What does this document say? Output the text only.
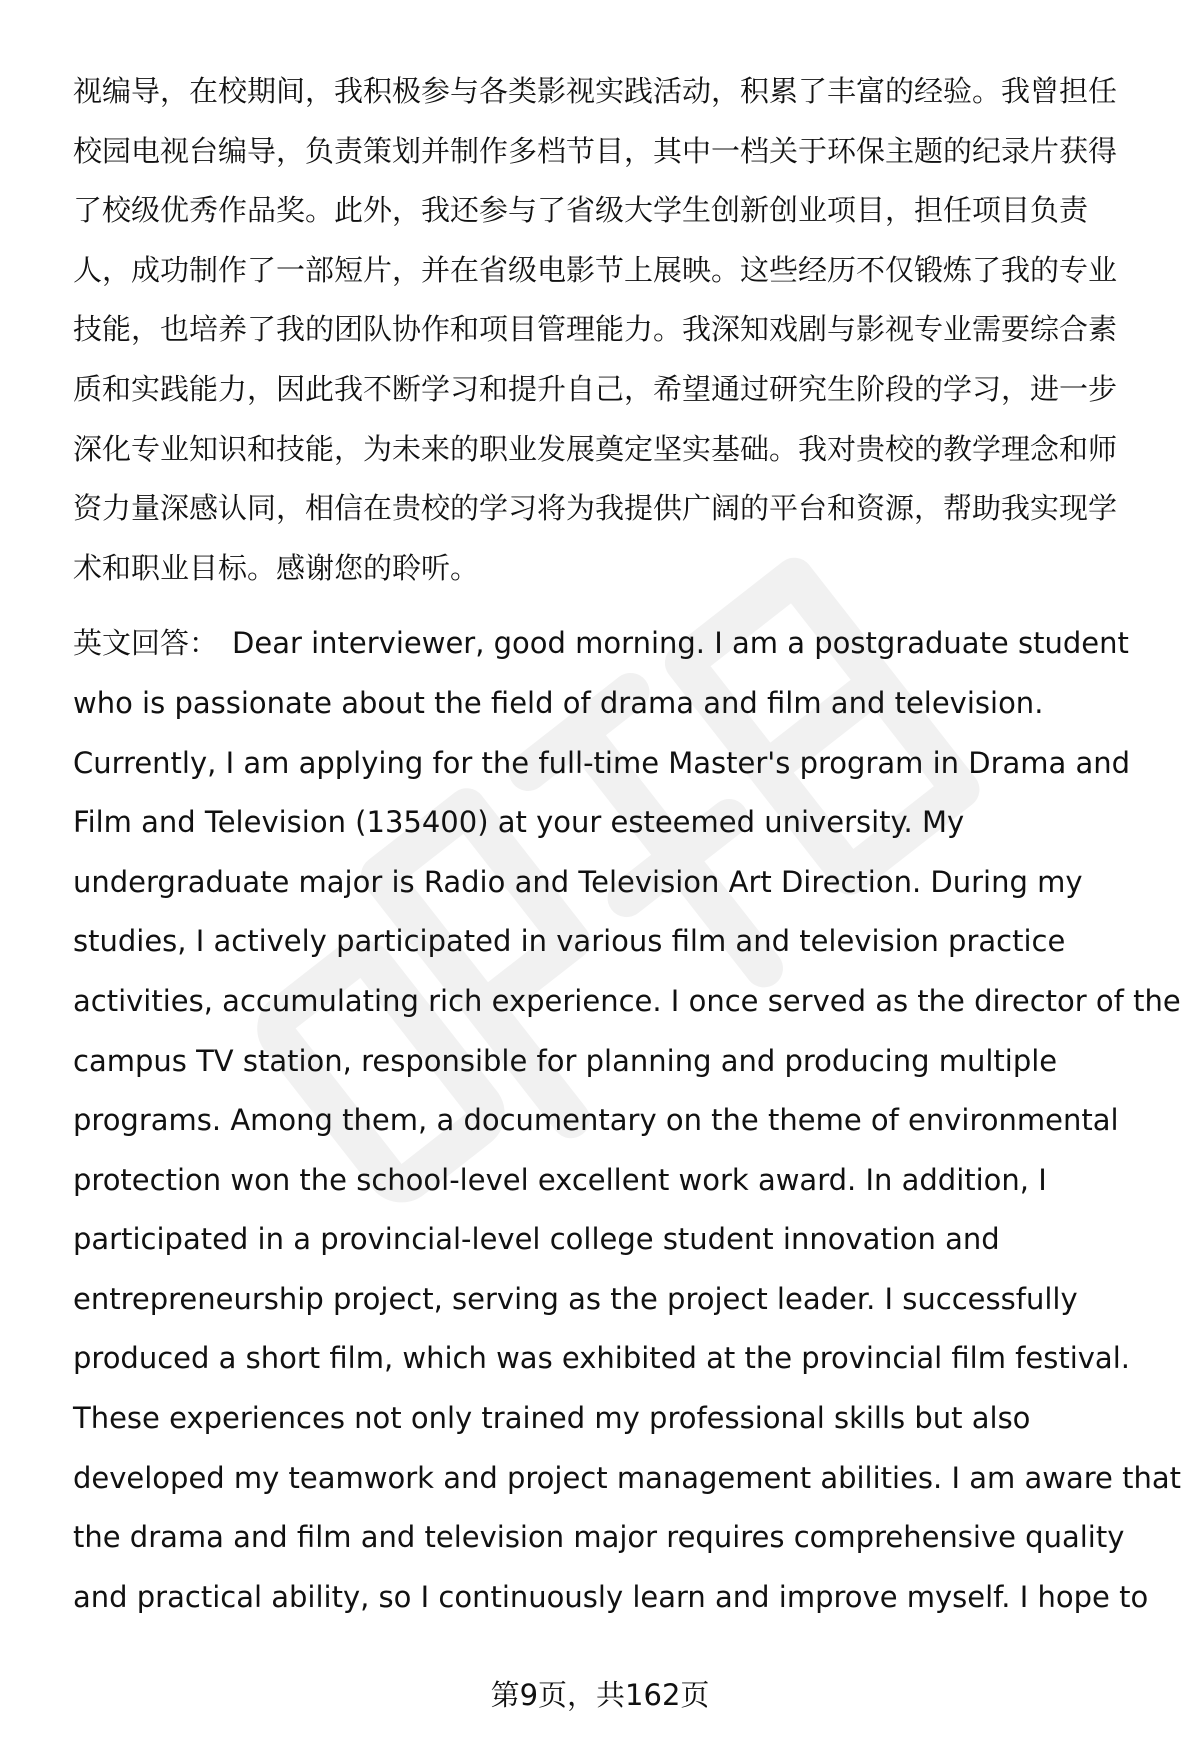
视编导，在校期间，我积极参与各类影视实践活动，积累了丰富的经验。我曾担任
校园电视台编导，负责策划并制作多档节目，其中一档关于环保主题的纪录片获得
了校级优秀作品奖。此外，我还参与了省级大学生创新创业项目，担任项目负责
人，成功制作了一部短片，并在省级电影节上展映。这些经历不仅锻炼了我的专业
技能，也培养了我的团队协作和项目管理能力。我深知戏剧与影视专业需要综合素
质和实践能力，因此我不断学习和提升自己，希望通过研究生阶段的学习，进一步
深化专业知识和技能，为未来的职业发展奠定坚实基础。我对贵校的教学理念和师
资力量深感认同，相信在贵校的学习将为我提供广阔的平台和资源，帮助我实现学
术和职业目标。感谢您的聆听。
英文回答： Dear interviewer, good morning. I am a postgraduate student
who is passionate about the field of drama and film and television.
Currently, I am applying for the full-time Master's program in Drama and
Film and Television (135400) at your esteemed university. My
undergraduate major is Radio and Television Art Direction. During my
studies, I actively participated in various film and television practice
activities, accumulating rich experience. I once served as the director of the
campus TV station, responsible for planning and producing multiple
programs. Among them, a documentary on the theme of environmental
protection won the school-level excellent work award. In addition, I
participated in a provincial-level college student innovation and
entrepreneurship project, serving as the project leader. I successfully
produced a short film, which was exhibited at the provincial film festival.
These experiences not only trained my professional skills but also
developed my teamwork and project management abilities. I am aware that
the drama and film and television major requires comprehensive quality
and practical ability, so I continuously learn and improve myself. I hope to
第9页，共162页
